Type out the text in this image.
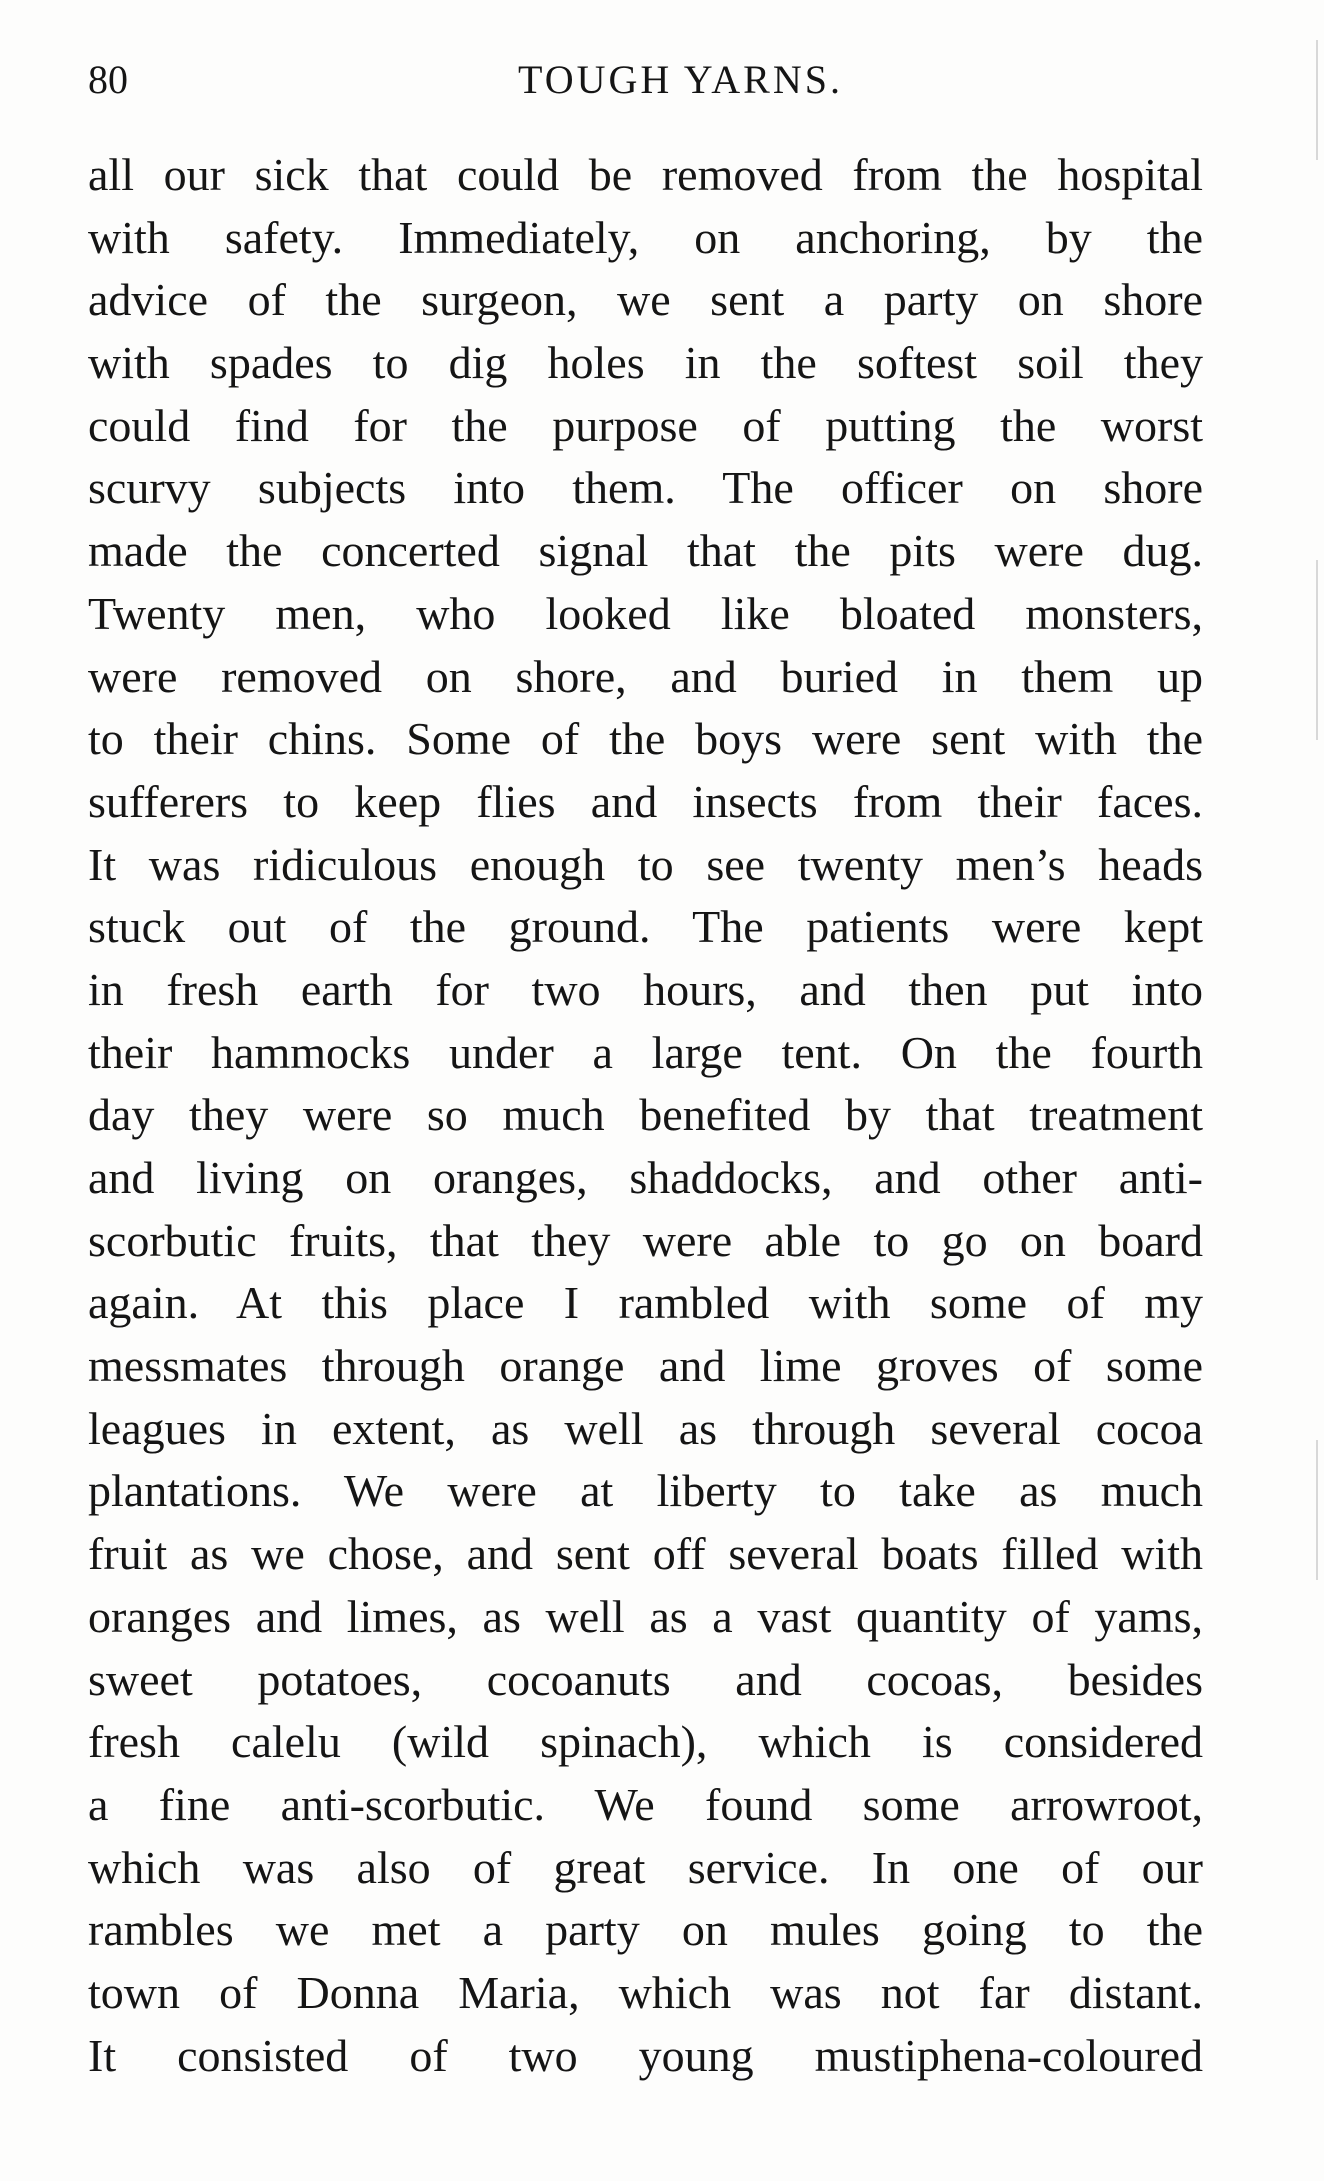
80	TOUGH YARNS.
all our sick that could be removed from the hospital
with safety. Immediately, on anchoring, by the
advice of the surgeon, we sent a party on shore
with spades to dig holes in the softest soil they
could find for the purpose of putting the worst
scurvy subjects into them. The officer on shore
made the concerted signal that the pits were dug.
Twenty men, who looked like bloated monsters,
were removed on shore, and buried in them up
to their chins. Some of the boys were sent with the
sufferers to keep flies and insects from their faces.
It was ridiculous enough to see twenty men’s heads
stuck out of the ground. The patients were kept
in fresh earth for two hours, and then put into
their hammocks under a large tent. On the fourth
day they were so much benefited by that treatment
and living on oranges, shaddocks, and other anti-
scorbutic fruits, that they were able to go on board
again. At this place I rambled with some of my
messmates through orange and lime groves of some
leagues in extent, as well as through several cocoa
plantations. We were at liberty to take as much
fruit as we chose, and sent off several boats filled with
oranges and limes, as well as a vast quantity of yams,
sweet potatoes, cocoanuts and cocoas, besides
fresh calelu (wild spinach), which is considered
a fine anti-scorbutic. We found some arrowroot,
which was also of great service. In one of our
rambles we met a party on mules going to the
town of Donna Maria, which was not far distant.
It consisted of two young mustiphena-coloured
